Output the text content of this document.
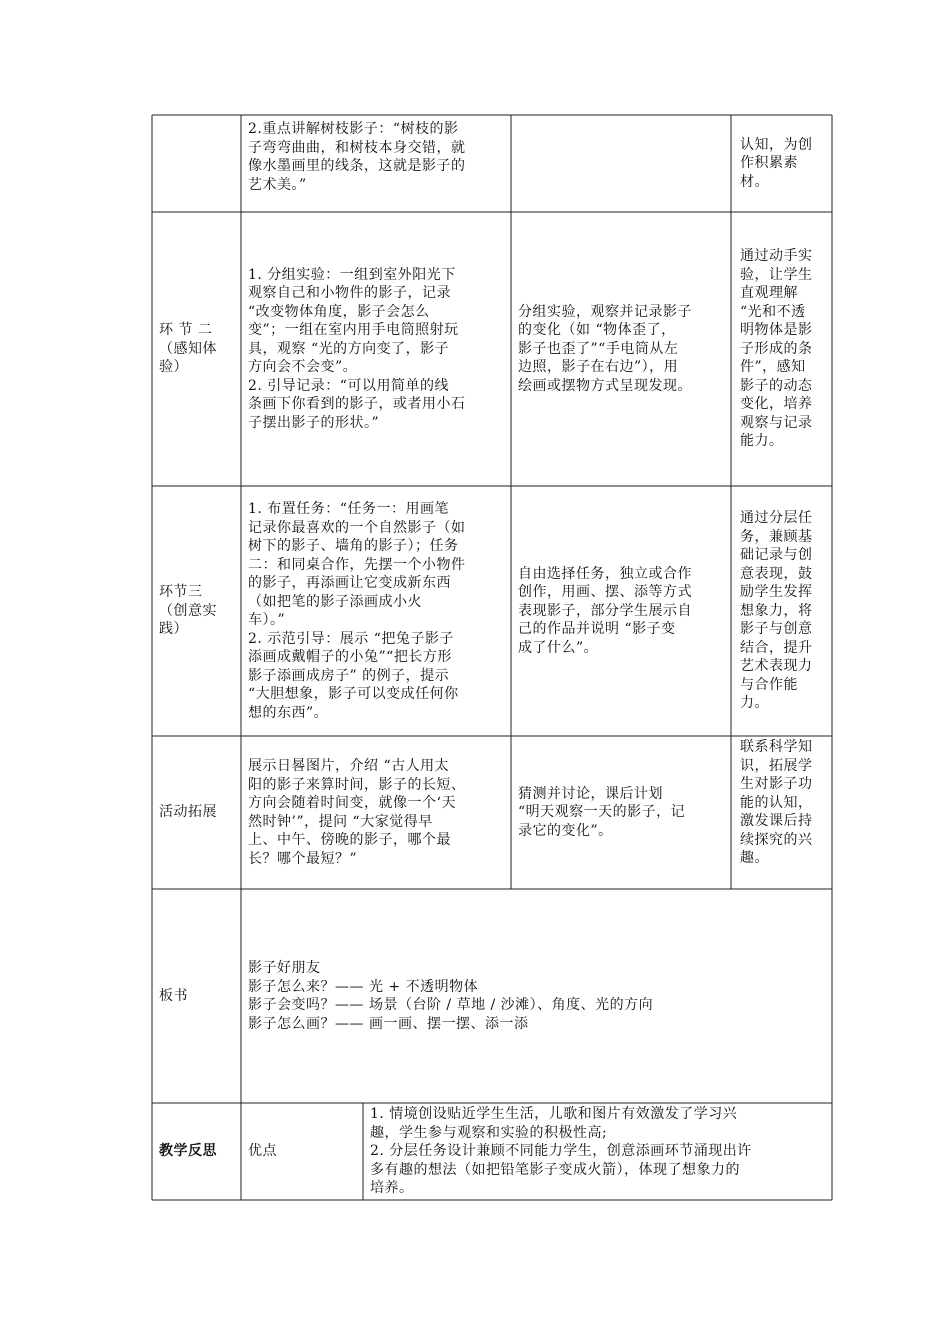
2.重点讲解树枝影子：“树枝的影
子弯弯曲曲，和树枝本身交错，就
像水墨画里的线条，这就是影子的
艺术美。”
认知，为创
作积累素
材。
环 节 二
（感知体
验）
1. 分组实验：一组到室外阳光下
观察自己和小物件的影子，记录
“改变物体角度，影子会怎么
变”；一组在室内用手电筒照射玩
具，观察 “光的方向变了，影子
方向会不会变”。
2. 引导记录：“可以用简单的线
条画下你看到的影子，或者用小石
子摆出影子的形状。”
分组实验，观察并记录影子
的变化（如 “物体歪了，
影子也歪了”“手电筒从左
边照，影子在右边”），用
绘画或摆物方式呈现发现。
通过动手实
验，让学生
直观理解
“光和不透
明物体是影
子形成的条
件”，感知
影子的动态
变化，培养
观察与记录
能力。
环节三
（创意实
践）
1. 布置任务：“任务一：用画笔
记录你最喜欢的一个自然影子（如
树下的影子、墙角的影子）；任务
二：和同桌合作，先摆一个小物件
的影子，再添画让它变成新东西
（如把笔的影子添画成小火
车）。”
2. 示范引导：展示 “把兔子影子
添画成戴帽子的小兔”“把长方形
影子添画成房子” 的例子，提示
“大胆想象，影子可以变成任何你
想的东西”。
自由选择任务，独立或合作
创作，用画、摆、添等方式
表现影子，部分学生展示自
己的作品并说明 “影子变
成了什么”。
通过分层任
务，兼顾基
础记录与创
意表现，鼓
励学生发挥
想象力，将
影子与创意
结合，提升
艺术表现力
与合作能
力。
活动拓展
展示日晷图片，介绍 “古人用太
阳的影子来算时间，影子的长短、
方向会随着时间变，就像一个‘天
然时钟’”，提问 “大家觉得早
上、中午、傍晚的影子，哪个最
长？哪个最短？”
猜测并讨论，课后计划
“明天观察一天的影子，记
录它的变化”。
联系科学知
识，拓展学
生对影子功
能的认知，
激发课后持
续探究的兴
趣。
板书
影子好朋友
影子怎么来？—— 光 + 不透明物体
影子会变吗？—— 场景（台阶 / 草地 / 沙滩）、角度、光的方向
影子怎么画？—— 画一画、摆一摆、添一添
教学反思 优点
1. 情境创设贴近学生生活，儿歌和图片有效激发了学习兴
趣，学生参与观察和实验的积极性高;
2. 分层任务设计兼顾不同能力学生，创意添画环节涌现出许
多有趣的想法（如把铅笔影子变成火箭），体现了想象力的
培养。
